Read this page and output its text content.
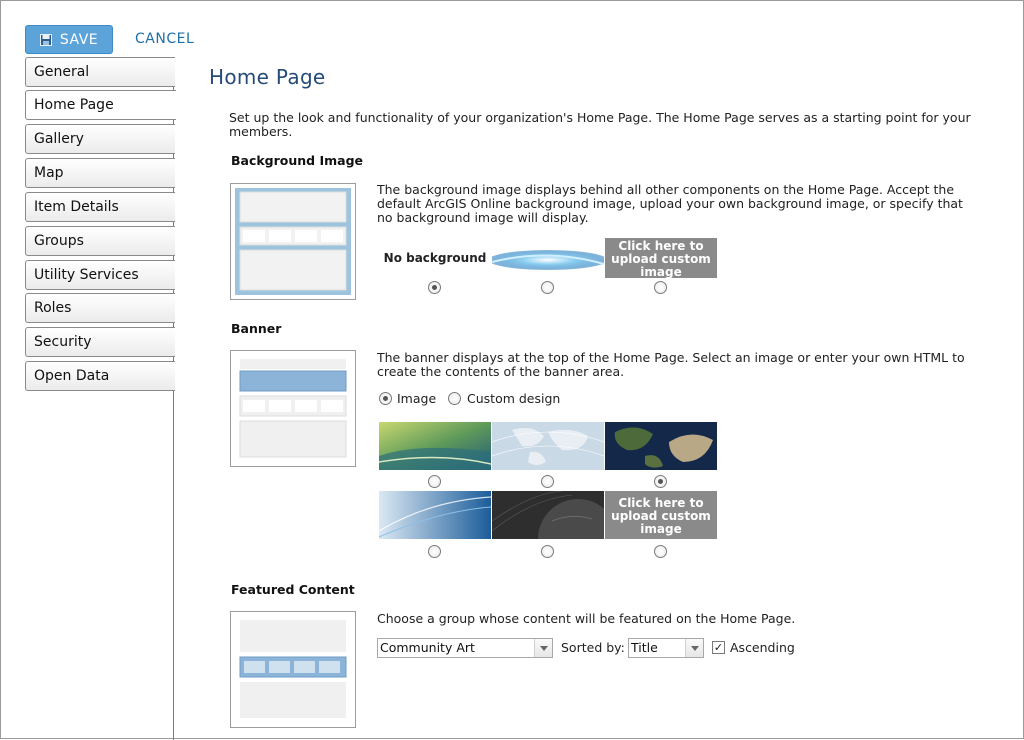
SAVE	CANCEL
General
Home Page
Gallery
Map
Item Details
Groups
Utility Services
Roles
Security
Open Data
Home Page
Set up the look and functionality of your organization's Home Page. The Home Page serves as a starting point for your members.
Background Image
The background image displays behind all other components on the Home Page. Accept the default ArcGIS Online background image, upload your own background image, or specify that no background image will display.
No background
Click here to upload custom image
Banner
The banner displays at the top of the Home Page. Select an image or enter your own HTML to create the contents of the banner area.
Image Custom design
Click here to upload custom image
Featured Content
Choose a group whose content will be featured on the Home Page.
Community Art	Sorted by: Title	✓ Ascending
